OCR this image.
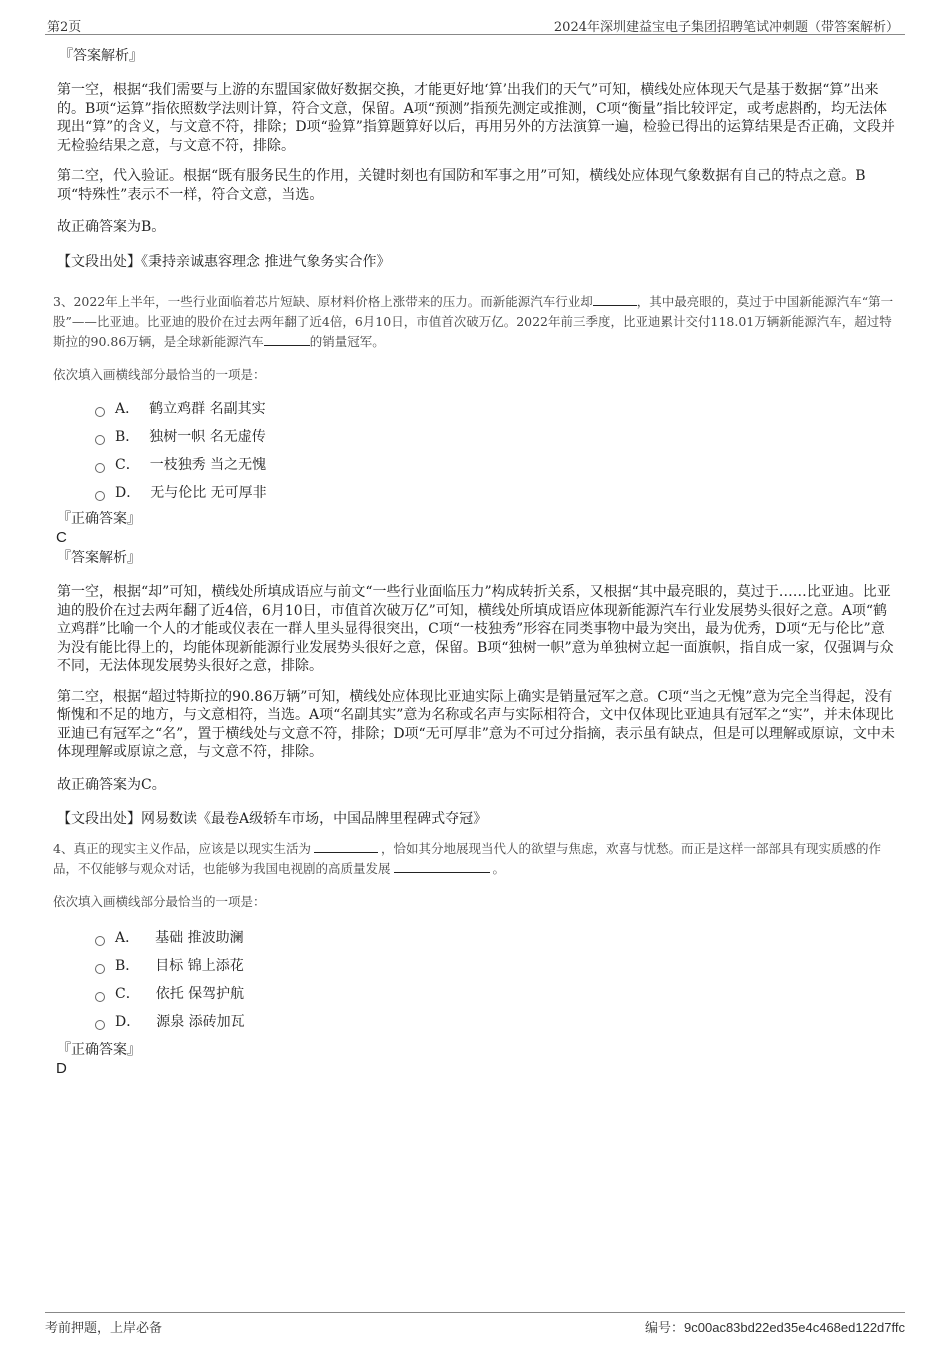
第2页	2024年深圳建益宝电子集团招聘笔试冲刺题（带答案解析）
『答案解析』

第一空，根据“我们需要与上游的东盟国家做好数据交换，才能更好地‘算’出我们的天气”可知，横线处应体现天气是基于数据“算”出来的。B项“运算”指依照数学法则计算，符合文意，保留。A项“预测”指预先测定或推测，C项“衡量”指比较评定，或考虑斟酌，均无法体现出“算”的含义，与文意不符，排除；D项“验算”指算题算好以后，再用另外的方法演算一遍，检验已得出的运算结果是否正确，文段并无检验结果之意，与文意不符，排除。

第二空，代入验证。根据“既有服务民生的作用，关键时刻也有国防和军事之用”可知，横线处应体现气象数据有自己的特点之意。B项“特殊性”表示不一样，符合文意，当选。

故正确答案为B。

【文段出处】《秉持亲诚惠容理念 推进气象务实合作》

3、2022年上半年，一些行业面临着芯片短缺、原材料价格上涨带来的压力。而新能源汽车行业却	，其中最亮眼的，莫过于中国新能源汽车“第一股”——比亚迪。比亚迪的股价在过去两年翻了近4倍，6月10日，市值首次破万亿。2022年前三季度，比亚迪累计交付118.01万辆新能源汽车，超过特斯拉的90.86万辆，是全球新能源汽车	的销量冠军。

依次填入画横线部分最恰当的一项是：

A． 鹤立鸡群 名副其实
B． 独树一帜 名无虚传
C． 一枝独秀 当之无愧
D． 无与伦比 无可厚非
『正确答案』
C
『答案解析』

第一空，根据“却”可知，横线处所填成语应与前文“一些行业面临压力”构成转折关系，又根据“其中最亮眼的，莫过于……比亚迪。比亚迪的股价在过去两年翻了近4倍，6月10日，市值首次破万亿”可知，横线处所填成语应体现新能源汽车行业发展势头很好之意。A项“鹤立鸡群”比喻一个人的才能或仪表在一群人里头显得很突出，C项“一枝独秀”形容在同类事物中最为突出，最为优秀，D项“无与伦比”意为没有能比得上的，均能体现新能源行业发展势头很好之意，保留。B项“独树一帜”意为单独树立起一面旗帜，指自成一家，仅强调与众不同，无法体现发展势头很好之意，排除。

第二空，根据“超过特斯拉的90.86万辆”可知，横线处应体现比亚迪实际上确实是销量冠军之意。C项“当之无愧”意为完全当得起，没有惭愧和不足的地方，与文意相符，当选。A项“名副其实”意为名称或名声与实际相符合，文中仅体现比亚迪具有冠军之“实”，并未体现比亚迪已有冠军之“名”，置于横线处与文意不符，排除；D项“无可厚非”意为不可过分指摘，表示虽有缺点，但是可以理解或原谅，文中未体现理解或原谅之意，与文意不符，排除。

故正确答案为C。

【文段出处】网易数读《最卷A级轿车市场，中国品牌里程碑式夺冠》

4、真正的现实主义作品，应该是以现实生活为	，恰如其分地展现当代人的欲望与焦虑，欢喜与忧愁。而正是这样一部部具有现实质感的作品，不仅能够与观众对话，也能够为我国电视剧的高质量发展	。

依次填入画横线部分最恰当的一项是：

A． 基础 推波助澜
B． 目标 锦上添花
C． 依托 保驾护航
D． 源泉 添砖加瓦
『正确答案』
D
考前押题，上岸必备	编号：9c00ac83bd22ed35e4c468ed122d7ffc
